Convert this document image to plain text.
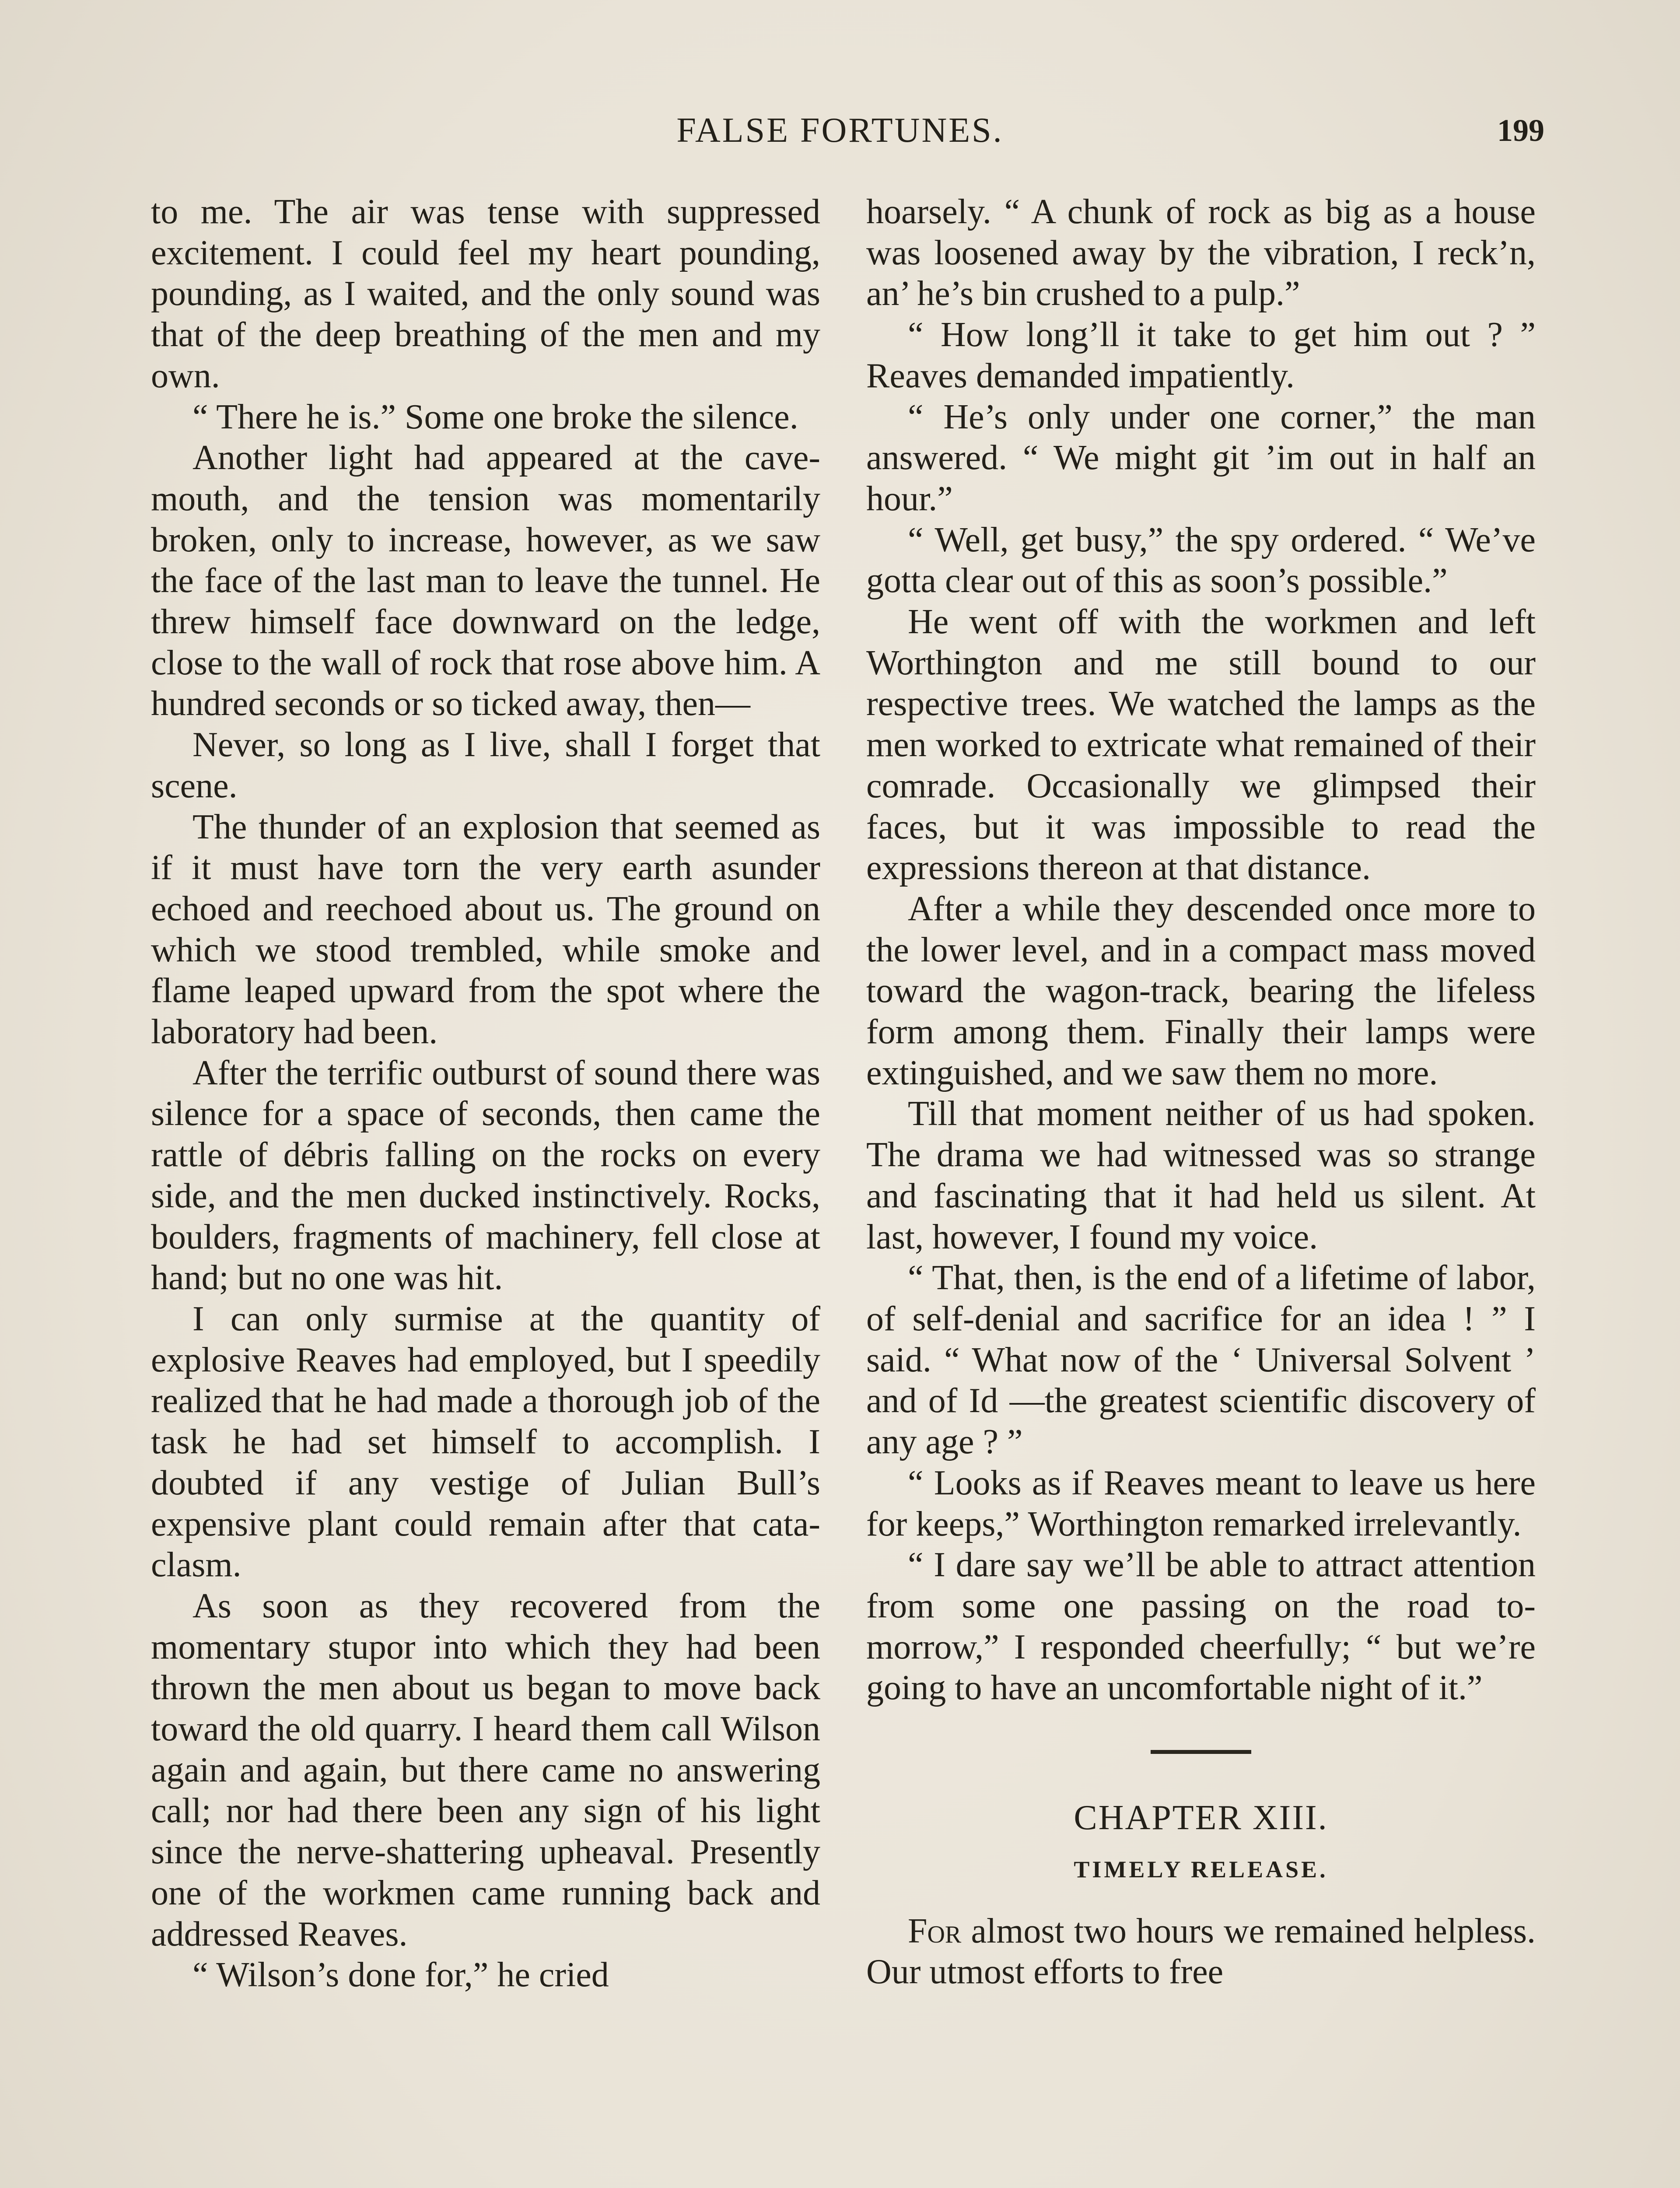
FALSE FORTUNES.	199

to me. The air was tense with suppressed excitement. I could feel my heart pounding, pounding, as I waited, and the only sound was that of the deep breathing of the men and my own.

“ There he is.” Some one broke the silence.

Another light had appeared at the cave-mouth, and the tension was momentarily broken, only to increase, however, as we saw the face of the last man to leave the tunnel. He threw himself face downward on the ledge, close to the wall of rock that rose above him. A hundred seconds or so ticked away, then—

Never, so long as I live, shall I forget that scene.

The thunder of an explosion that seemed as if it must have torn the very earth asunder echoed and reechoed about us. The ground on which we stood trembled, while smoke and flame leaped upward from the spot where the laboratory had been.

After the terrific outburst of sound there was silence for a space of seconds, then came the rattle of débris falling on the rocks on every side, and the men ducked instinctively. Rocks, boulders, fragments of machinery, fell close at hand; but no one was hit.

I can only surmise at the quantity of explosive Reaves had employed, but I speedily realized that he had made a thorough job of the task he had set himself to accomplish. I doubted if any vestige of Julian Bull’s expensive plant could remain after that cataclasm.

As soon as they recovered from the momentary stupor into which they had been thrown the men about us began to move back toward the old quarry. I heard them call Wilson again and again, but there came no answering call; nor had there been any sign of his light since the nerve-shattering upheaval. Presently one of the workmen came running back and addressed Reaves.

“ Wilson’s done for,” he cried

hoarsely. “ A chunk of rock as big as a house was loosened away by the vibration, I reck’n, an’ he’s bin crushed to a pulp.”

“ How long’ll it take to get him out ? ” Reaves demanded impatiently.

“ He’s only under one corner,” the man answered. “ We might git ’im out in half an hour.”

“ Well, get busy,” the spy ordered. “ We’ve gotta clear out of this as soon’s possible.”

He went off with the workmen and left Worthington and me still bound to our respective trees. We watched the lamps as the men worked to extricate what remained of their comrade. Occasionally we glimpsed their faces, but it was impossible to read the expressions thereon at that distance.

After a while they descended once more to the lower level, and in a compact mass moved toward the wagon-track, bearing the lifeless form among them. Finally their lamps were extinguished, and we saw them no more.

Till that moment neither of us had spoken. The drama we had witnessed was so strange and fascinating that it had held us silent. At last, however, I found my voice.

“ That, then, is the end of a lifetime of labor, of self-denial and sacrifice for an idea ! ” I said. “ What now of the ‘ Universal Solvent ’ and of Id —the greatest scientific discovery of any age ? ”

“ Looks as if Reaves meant to leave us here for keeps,” Worthington remarked irrelevantly.

“ I dare say we’ll be able to attract attention from some one passing on the road to-morrow,” I responded cheerfully; “ but we’re going to have an uncomfortable night of it.”

CHAPTER XIII.
TIMELY RELEASE.

For almost two hours we remained helpless. Our utmost efforts to free
